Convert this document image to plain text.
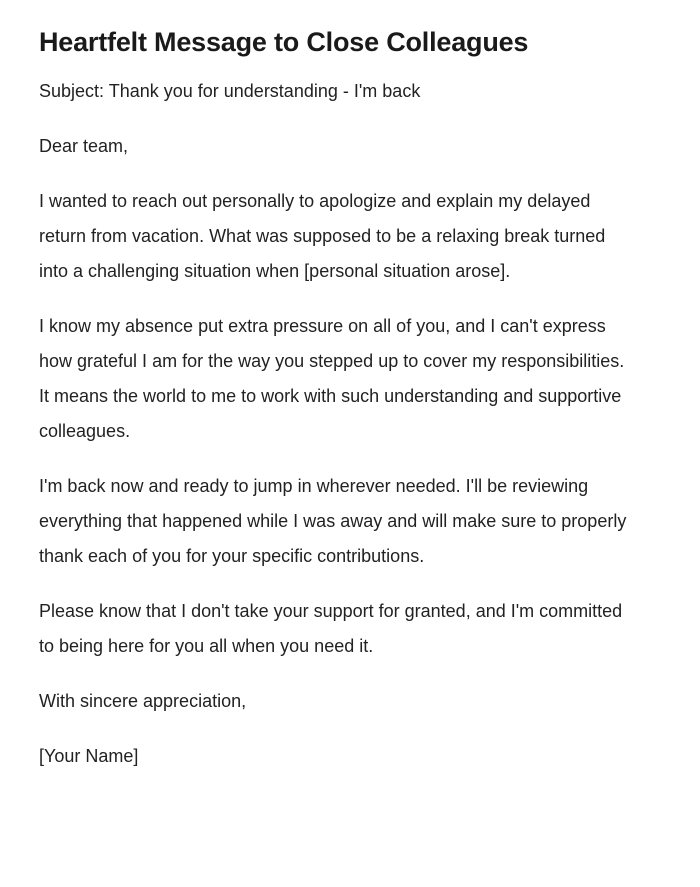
Heartfelt Message to Close Colleagues

Subject: Thank you for understanding - I'm back

Dear team,

I wanted to reach out personally to apologize and explain my delayed return from vacation. What was supposed to be a relaxing break turned into a challenging situation when [personal situation arose].

I know my absence put extra pressure on all of you, and I can't express how grateful I am for the way you stepped up to cover my responsibilities. It means the world to me to work with such understanding and supportive colleagues.

I'm back now and ready to jump in wherever needed. I'll be reviewing everything that happened while I was away and will make sure to properly thank each of you for your specific contributions.

Please know that I don't take your support for granted, and I'm committed to being here for you all when you need it.

With sincere appreciation,

[Your Name]
